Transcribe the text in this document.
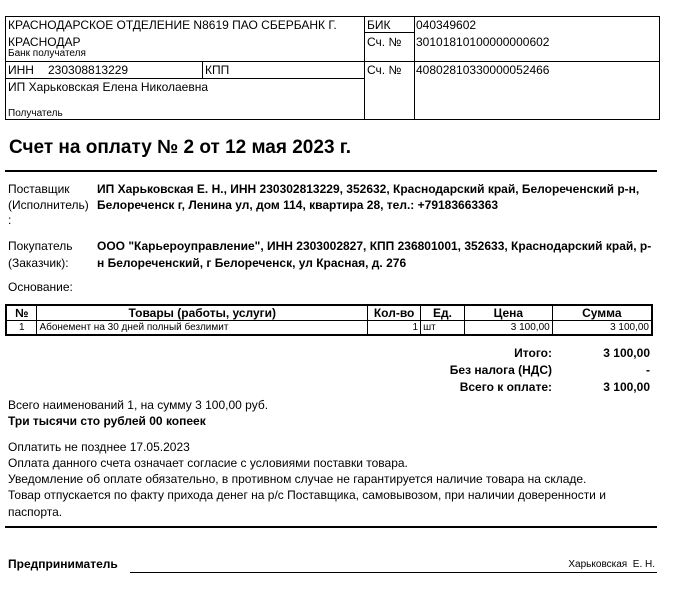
КРАСНОДАРСКОЕ ОТДЕЛЕНИЕ N8619 ПАО СБЕРБАНК Г.
КРАСНОДАР
Банк получателя
БИК 040349602
Сч. № 30101810100000000602
ИНН 230308813229	КПП	Сч. № 40802810330000052466
ИП Харьковская Елена Николаевна
Получатель
Счет на оплату № 2 от 12 мая 2023 г.
Поставщик
(Исполнитель)
:
ИП Харьковская Е. Н., ИНН 230302813229, 352632, Краснодарский край, Белореченский р-н,
Белореченск г, Ленина ул, дом 114, квартира 28, тел.: +79183663363
Покупатель
(Заказчик):
ООО "Карьероуправление", ИНН 2303002827, КПП 236801001, 352633, Краснодарский край, р-
н Белореченский, г Белореченск, ул Красная, д. 276
Основание:
№	Товары (работы, услуги)	Кол-во	Ед.	Цена	Сумма
1	Абонемент на 30 дней полный безлимит	1	шт	3 100,00	3 100,00
Итого:	3 100,00
Без налога (НДС)	-
Всего к оплате:	3 100,00
Всего наименований 1, на сумму 3 100,00 руб.
Три тысячи сто рублей 00 копеек
Оплатить не позднее 17.05.2023
Оплата данного счета означает согласие с условиями поставки товара.
Уведомление об оплате обязательно, в противном случае не гарантируется наличие товара на складе.
Товар отпускается по факту прихода денег на р/с Поставщика, самовывозом, при наличии доверенности и
паспорта.
Предприниматель	Харьковская  Е. Н.
